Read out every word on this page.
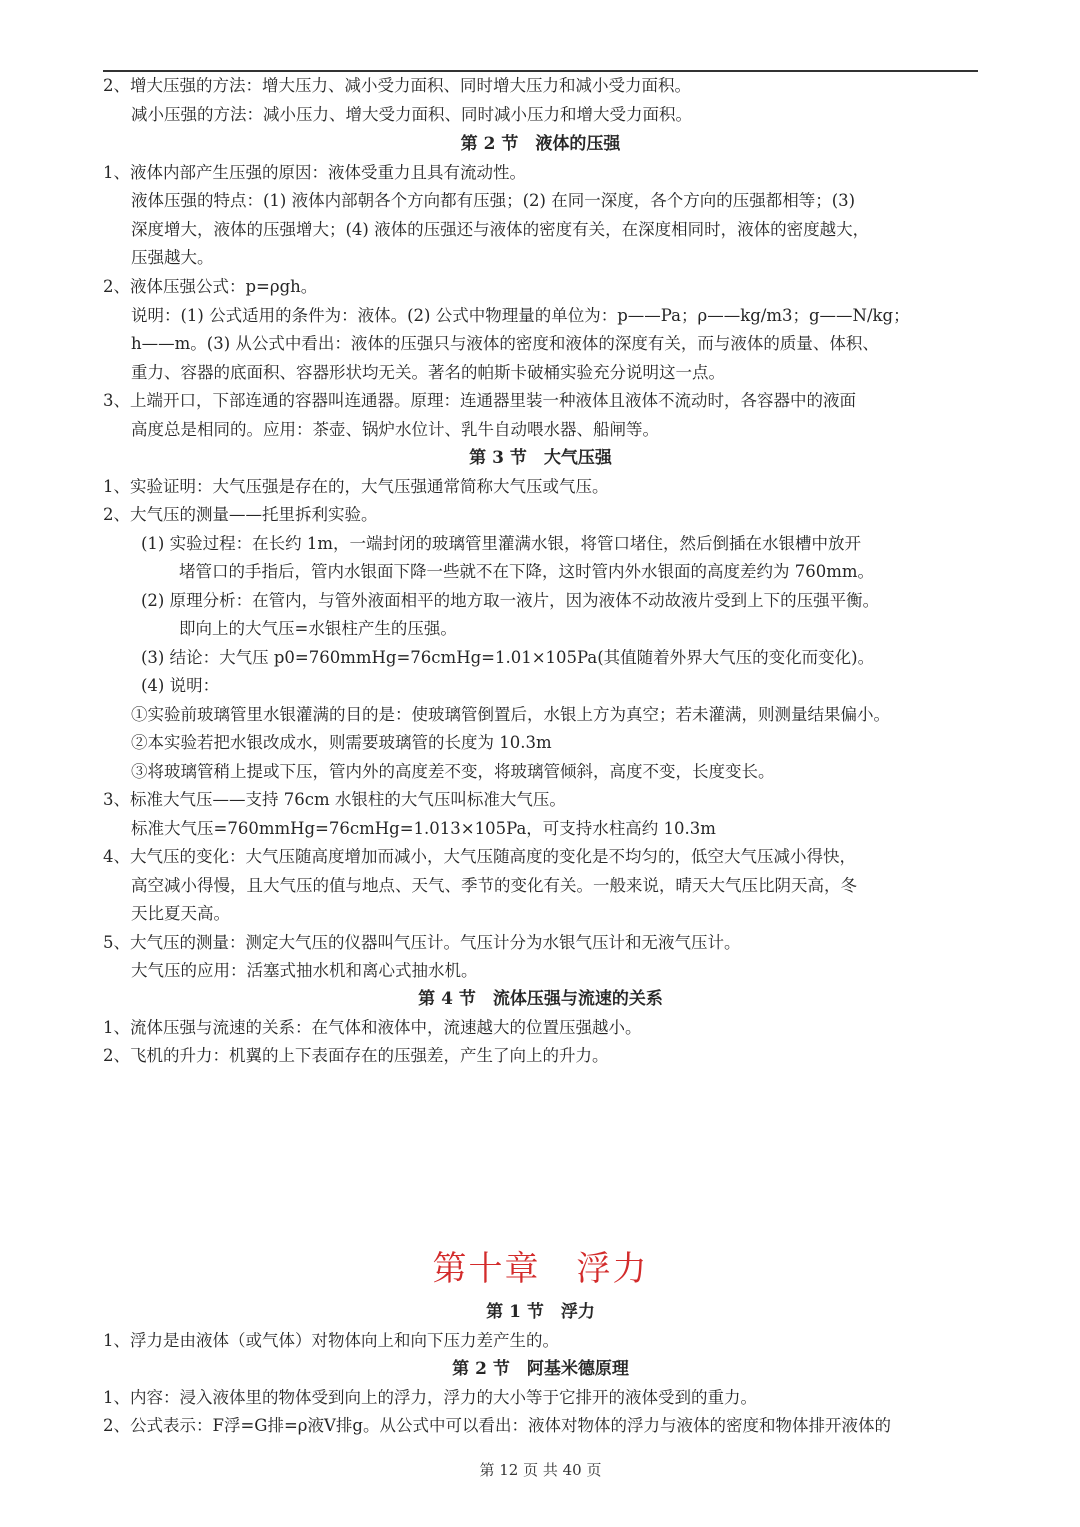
2、增大压强的方法：增大压力、减小受力面积、同时增大压力和减小受力面积。
减小压强的方法：减小压力、增大受力面积、同时减小压力和增大受力面积。
第 2 节　液体的压强
1、液体内部产生压强的原因：液体受重力且具有流动性。
液体压强的特点：(1) 液体内部朝各个方向都有压强；(2) 在同一深度，各个方向的压强都相等；(3)
深度增大，液体的压强增大；(4) 液体的压强还与液体的密度有关，在深度相同时，液体的密度越大，
压强越大。
2、液体压强公式：p=ρgh。
说明：(1) 公式适用的条件为：液体。(2) 公式中物理量的单位为：p——Pa；ρ——kg/m3；g——N/kg；
h——m。(3) 从公式中看出：液体的压强只与液体的密度和液体的深度有关，而与液体的质量、体积、
重力、容器的底面积、容器形状均无关。著名的帕斯卡破桶实验充分说明这一点。
3、上端开口，下部连通的容器叫连通器。原理：连通器里装一种液体且液体不流动时，各容器中的液面
高度总是相同的。应用：茶壶、锅炉水位计、乳牛自动喂水器、船闸等。
第 3 节　大气压强
1、实验证明：大气压强是存在的，大气压强通常简称大气压或气压。
2、大气压的测量——托里拆利实验。
(1) 实验过程：在长约 1m，一端封闭的玻璃管里灌满水银，将管口堵住，然后倒插在水银槽中放开
堵管口的手指后，管内水银面下降一些就不在下降，这时管内外水银面的高度差约为 760mm。
(2) 原理分析：在管内，与管外液面相平的地方取一液片，因为液体不动故液片受到上下的压强平衡。
即向上的大气压=水银柱产生的压强。
(3) 结论：大气压 p0=760mmHg=76cmHg=1.01×105Pa(其值随着外界大气压的变化而变化)。
(4) 说明：
①实验前玻璃管里水银灌满的目的是：使玻璃管倒置后，水银上方为真空；若未灌满，则测量结果偏小。
②本实验若把水银改成水，则需要玻璃管的长度为 10.3m
③将玻璃管稍上提或下压，管内外的高度差不变，将玻璃管倾斜，高度不变，长度变长。
3、标准大气压——支持 76cm 水银柱的大气压叫标准大气压。
标准大气压=760mmHg=76cmHg=1.013×105Pa，可支持水柱高约 10.3m
4、大气压的变化：大气压随高度增加而减小，大气压随高度的变化是不均匀的，低空大气压减小得快，
高空减小得慢，且大气压的值与地点、天气、季节的变化有关。一般来说，晴天大气压比阴天高，冬
天比夏天高。
5、大气压的测量：测定大气压的仪器叫气压计。气压计分为水银气压计和无液气压计。
大气压的应用：活塞式抽水机和离心式抽水机。
第 4 节　流体压强与流速的关系
1、流体压强与流速的关系：在气体和液体中，流速越大的位置压强越小。
2、飞机的升力：机翼的上下表面存在的压强差，产生了向上的升力。
第十章　浮力
第 1 节　浮力
1、浮力是由液体（或气体）对物体向上和向下压力差产生的。
第 2 节　阿基米德原理
1、内容：浸入液体里的物体受到向上的浮力，浮力的大小等于它排开的液体受到的重力。
2、公式表示：F浮=G排=ρ液V排g。从公式中可以看出：液体对物体的浮力与液体的密度和物体排开液体的
第 12 页 共 40 页
